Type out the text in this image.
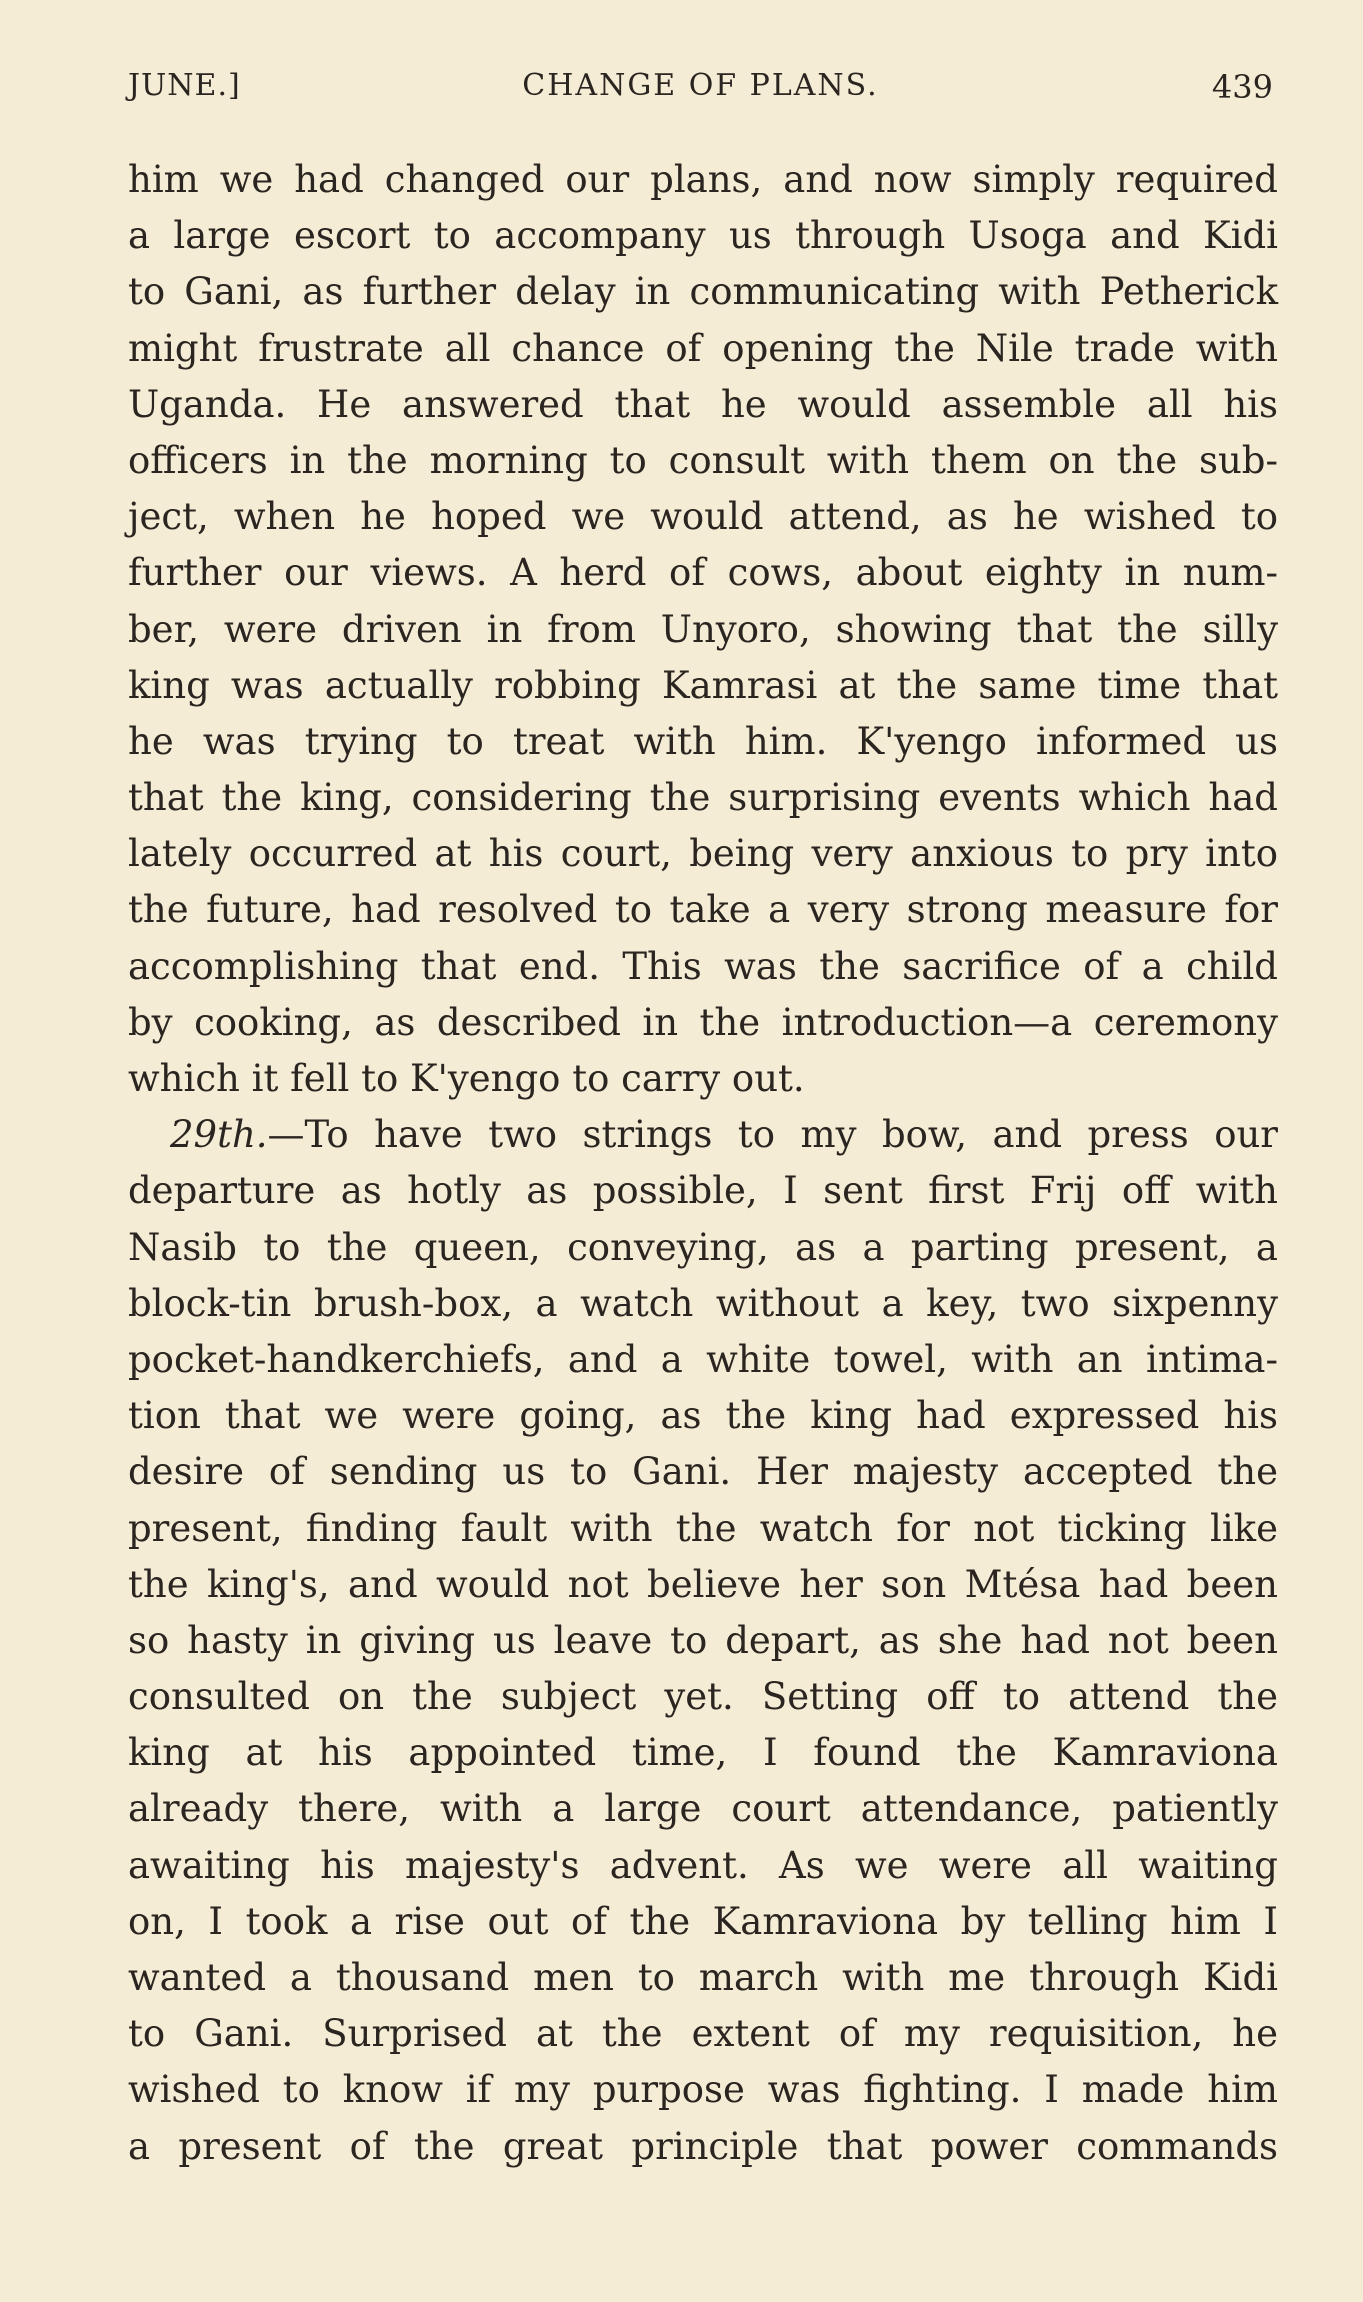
JUNE.]	CHANGE OF PLANS.	439
him we had changed our plans, and now simply required
a large escort to accompany us through Usoga and Kidi
to Gani, as further delay in communicating with Petherick
might frustrate all chance of opening the Nile trade with
Uganda. He answered that he would assemble all his
officers in the morning to consult with them on the sub-
ject, when he hoped we would attend, as he wished to
further our views. A herd of cows, about eighty in num-
ber, were driven in from Unyoro, showing that the silly
king was actually robbing Kamrasi at the same time that
he was trying to treat with him. K'yengo informed us
that the king, considering the surprising events which had
lately occurred at his court, being very anxious to pry into
the future, had resolved to take a very strong measure for
accomplishing that end. This was the sacrifice of a child
by cooking, as described in the introduction—a ceremony
which it fell to K'yengo to carry out.
29th.—To have two strings to my bow, and press our
departure as hotly as possible, I sent first Frij off with
Nasib to the queen, conveying, as a parting present, a
block-tin brush-box, a watch without a key, two sixpenny
pocket-handkerchiefs, and a white towel, with an intima-
tion that we were going, as the king had expressed his
desire of sending us to Gani. Her majesty accepted the
present, finding fault with the watch for not ticking like
the king's, and would not believe her son Mtésa had been
so hasty in giving us leave to depart, as she had not been
consulted on the subject yet. Setting off to attend the
king at his appointed time, I found the Kamraviona
already there, with a large court attendance, patiently
awaiting his majesty's advent. As we were all waiting
on, I took a rise out of the Kamraviona by telling him I
wanted a thousand men to march with me through Kidi
to Gani. Surprised at the extent of my requisition, he
wished to know if my purpose was fighting. I made him
a present of the great principle that power commands
